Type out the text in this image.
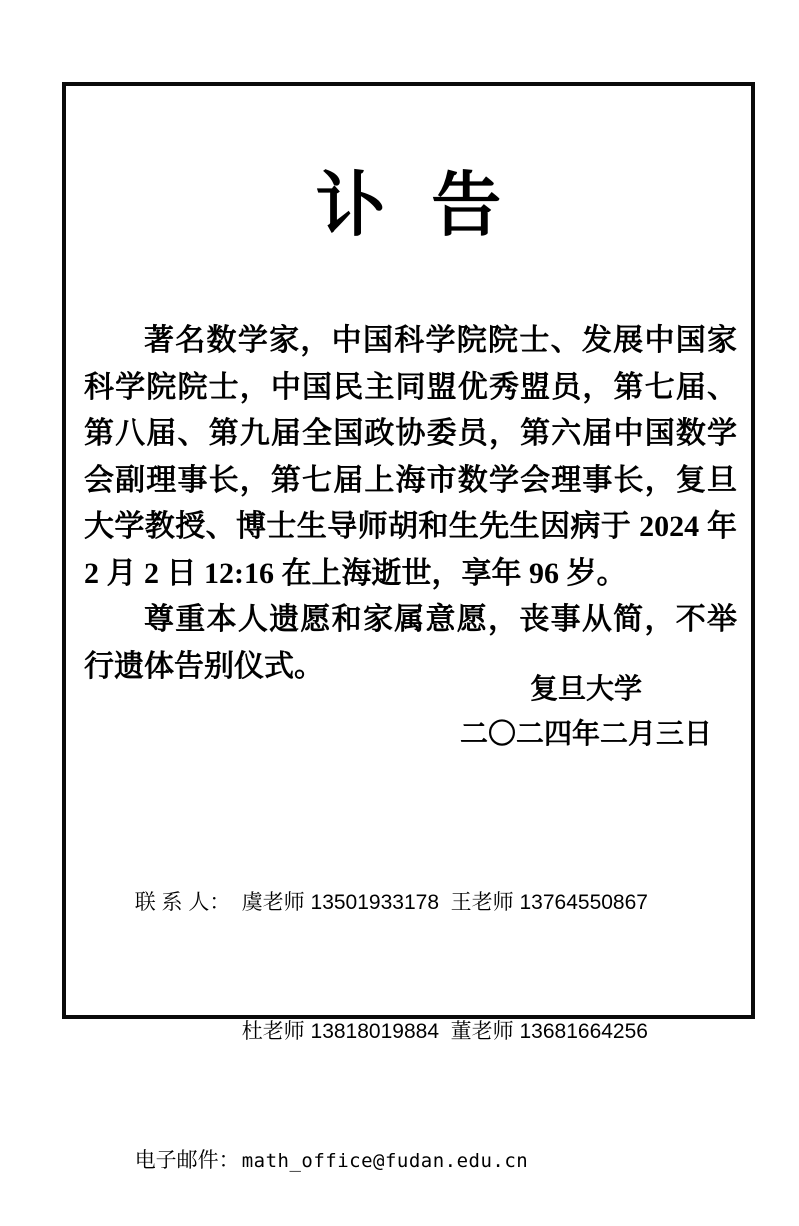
讣 告

著名数学家，中国科学院院士、发展中国家科学院院士，中国民主同盟优秀盟员，第七届、第八届、第九届全国政协委员，第六届中国数学会副理事长，第七届上海市数学会理事长，复旦大学教授、博士生导师胡和生先生因病于 2024 年 2 月 2 日 12:16 在上海逝世，享年 96 岁。

尊重本人遗愿和家属意愿，丧事从简，不举行遗体告别仪式。

复旦大学
二〇二四年二月三日

联 系 人： 虞老师 13501933178  王老师 13764550867

杜老师 13818019884  董老师 13681664256

电子邮件： math_office@fudan.edu.cn
